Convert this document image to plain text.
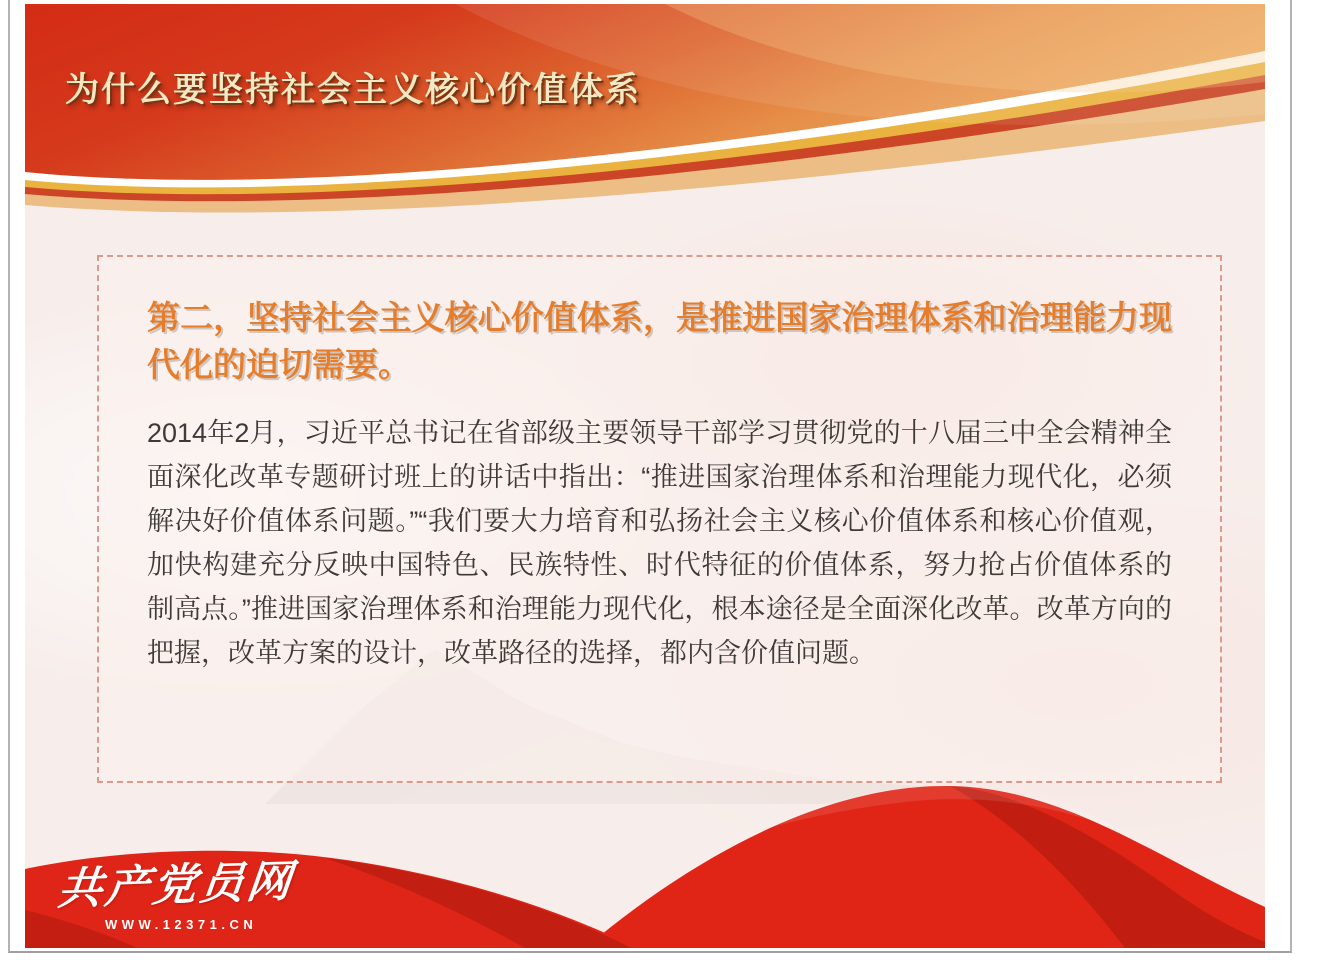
为什么要坚持社会主义核心价值体系
第二，坚持社会主义核心价值体系，是推进国家治理体系和治理能力现代化的迫切需要。

2014年2月，习近平总书记在省部级主要领导干部学习贯彻党的十八届三中全会精神全面深化改革专题研讨班上的讲话中指出：“推进国家治理体系和治理能力现代化，必须解决好价值体系问题。”“我们要大力培育和弘扬社会主义核心价值体系和核心价值观，加快构建充分反映中国特色、民族特性、时代特征的价值体系，努力抢占价值体系的制高点。”推进国家治理体系和治理能力现代化，根本途径是全面深化改革。改革方向的把握，改革方案的设计，改革路径的选择，都内含价值问题。

共产党员网
WWW.12371.CN
